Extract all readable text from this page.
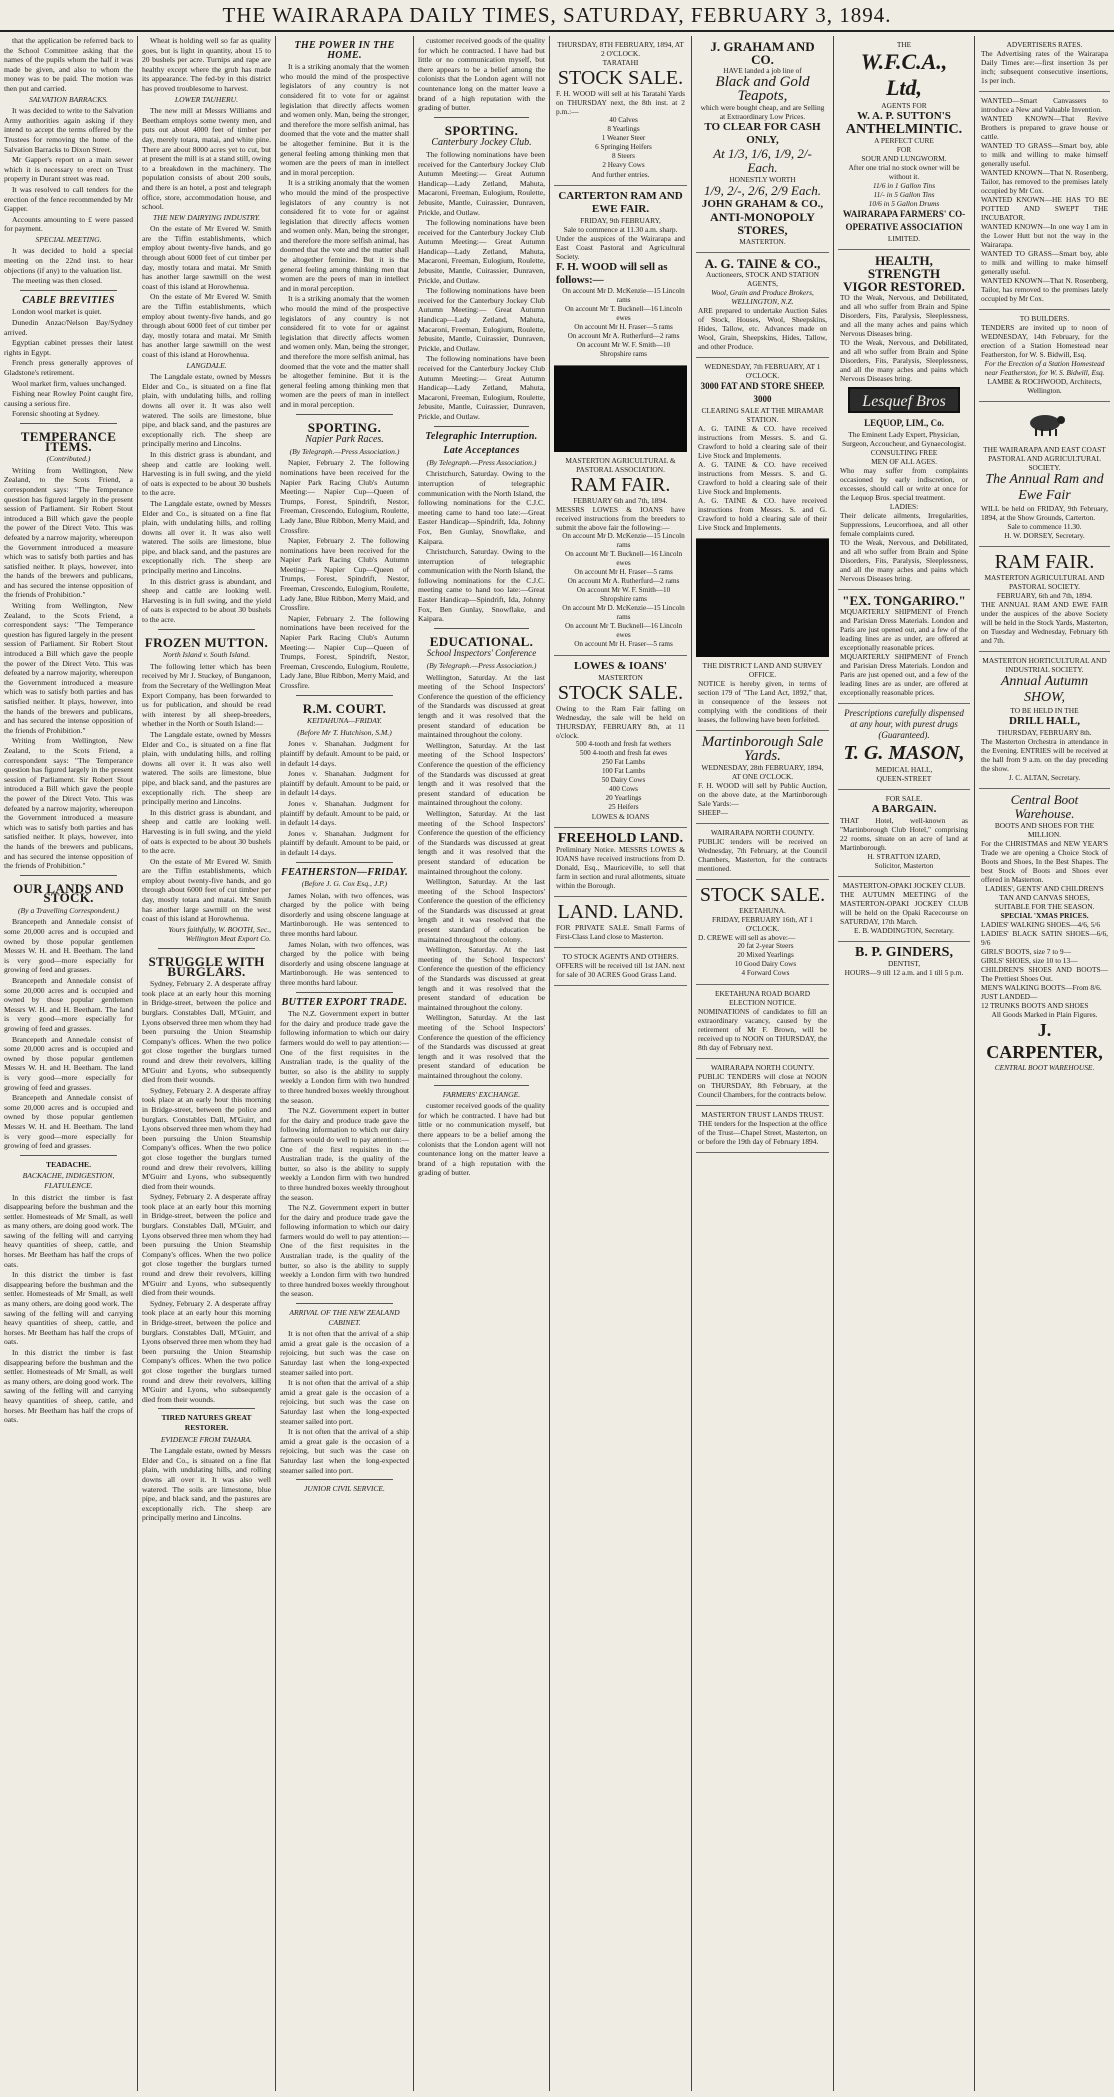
THE WAIRARAPA DAILY TIMES, SATURDAY, FEBRUARY 3, 1894.

that the application be referred back to the School Committee asking that the names of the pupils whom the half it was made be given, and also to whom the money was to be paid. The motion was then put and carried.

SALVATION BARRACKS.

It was decided to write to the Salvation Army authorities again asking if they intend to accept the terms offered by the Trustees for removing the home of the Salvation Barracks to Dixon Street.

Mr Gapper's report on a main sewer which it is necessary to erect on Trust property in Durant street was read.

It was resolved to call tenders for the erection of the fence recommended by Mr Gapper.

Accounts amounting to £ were passed for payment.

SPECIAL MEETING.

It was decided to hold a special meeting on the 22nd inst. to hear objections (if any) to the valuation list.

The meeting was then closed.

CABLE BREVITIES

London wool market is quiet.

Dunedin Anzac/Nelson Bay/Sydney arrived.

Egyptian cabinet presses their latest rights in Egypt.

French press generally approves of Gladstone's retirement.

Wool market firm, values unchanged.

Fishing near Rowley Point caught fire, causing a serious fire.

Forensic shooting at Sydney.

TEMPERANCE ITEMS.
(Contributed.)

Writing from Wellington, New Zealand, to the Scots Friend, a correspondent says: "The Temperance question has figured largely in the present session of Parliament. Sir Robert Stout introduced a Bill which gave the people the power of the Direct Veto. This was defeated by a narrow majority, whereupon the Government introduced a measure which was to satisfy both parties and has satisfied neither. It plays, however, into the hands of the brewers and publicans, and has secured the intense opposition of the friends of Prohibition."

Writing from Wellington, New Zealand, to the Scots Friend, a correspondent says: "The Temperance question has figured largely in the present session of Parliament. Sir Robert Stout introduced a Bill which gave the people the power of the Direct Veto. This was defeated by a narrow majority, whereupon the Government introduced a measure which was to satisfy both parties and has satisfied neither. It plays, however, into the hands of the brewers and publicans, and has secured the intense opposition of the friends of Prohibition."

Writing from Wellington, New Zealand, to the Scots Friend, a correspondent says: "The Temperance question has figured largely in the present session of Parliament. Sir Robert Stout introduced a Bill which gave the people the power of the Direct Veto. This was defeated by a narrow majority, whereupon the Government introduced a measure which was to satisfy both parties and has satisfied neither. It plays, however, into the hands of the brewers and publicans, and has secured the intense opposition of the friends of Prohibition."

OUR LANDS AND STOCK.
(By a Travelling Correspondent.)

Brancepeth and Annedale consist of some 20,000 acres and is occupied and owned by those popular gentlemen Messrs W. H. and H. Beetham. The land is very good—more especially for growing of feed and grasses.

Brancepeth and Annedale consist of some 20,000 acres and is occupied and owned by those popular gentlemen Messrs W. H. and H. Beetham. The land is very good—more especially for growing of feed and grasses.

Brancepeth and Annedale consist of some 20,000 acres and is occupied and owned by those popular gentlemen Messrs W. H. and H. Beetham. The land is very good—more especially for growing of feed and grasses.

Brancepeth and Annedale consist of some 20,000 acres and is occupied and owned by those popular gentlemen Messrs W. H. and H. Beetham. The land is very good—more especially for growing of feed and grasses.

TEADACHE.
BACKACHE, INDIGESTION, FLATULENCE.

In this district the timber is fast disappearing before the bushman and the settler. Homesteads of Mr Small, as well as many others, are doing good work. The sawing of the felling will and carrying heavy quantities of sheep, cattle, and horses. Mr Beetham has half the crops of oats.

In this district the timber is fast disappearing before the bushman and the settler. Homesteads of Mr Small, as well as many others, are doing good work. The sawing of the felling will and carrying heavy quantities of sheep, cattle, and horses. Mr Beetham has half the crops of oats.

In this district the timber is fast disappearing before the bushman and the settler. Homesteads of Mr Small, as well as many others, are doing good work. The sawing of the felling will and carrying heavy quantities of sheep, cattle, and horses. Mr Beetham has half the crops of oats.

Wheat is holding well so far as quality goes, but is light in quantity, about 15 to 20 bushels per acre. Turnips and rape are healthy except where the grub has made its appearance. The fed-by in this district has proved troublesome to harvest.

LOWER TAUHERU.

The new mill at Messrs Williams and Beetham employs some twenty men, and puts out about 4000 feet of timber per day, merely totara, matai, and white pine. There are about 8000 acres yet to cut, but at present the mill is at a stand still, owing to a breakdown in the machinery. The population consists of about 200 souls, and there is an hotel, a post and telegraph office, store, accommodation house, and school.

THE NEW DAIRYING INDUSTRY.

On the estate of Mr Evered W. Smith are the Tiffin establishments, which employ about twenty-five hands, and go through about 6000 feet of cut timber per day, mostly totara and matai. Mr Smith has another large sawmill on the west coast of this island at Horowhenua.

On the estate of Mr Evered W. Smith are the Tiffin establishments, which employ about twenty-five hands, and go through about 6000 feet of cut timber per day, mostly totara and matai. Mr Smith has another large sawmill on the west coast of this island at Horowhenua.

LANGDALE.

The Langdale estate, owned by Messrs Elder and Co., is situated on a fine flat plain, with undulating hills, and rolling downs all over it. It was also well watered. The soils are limestone, blue pipe, and black sand, and the pastures are exceptionally rich. The sheep are principally merino and Lincolns.

In this district grass is abundant, and sheep and cattle are looking well. Harvesting is in full swing, and the yield of oats is expected to be about 30 bushels to the acre.

The Langdale estate, owned by Messrs Elder and Co., is situated on a fine flat plain, with undulating hills, and rolling downs all over it. It was also well watered. The soils are limestone, blue pipe, and black sand, and the pastures are exceptionally rich. The sheep are principally merino and Lincolns.

In this district grass is abundant, and sheep and cattle are looking well. Harvesting is in full swing, and the yield of oats is expected to be about 30 bushels to the acre.

FROZEN MUTTON.
North Island v. South Island.

The following letter which has been received by Mr J. Stuckey, of Bunganoon, from the Secretary of the Wellington Meat Export Company, has been forwarded to us for publication, and should be read with interest by all sheep-breeders, whether in the North or South Island:—

The Langdale estate, owned by Messrs Elder and Co., is situated on a fine flat plain, with undulating hills, and rolling downs all over it. It was also well watered. The soils are limestone, blue pipe, and black sand, and the pastures are exceptionally rich. The sheep are principally merino and Lincolns.

In this district grass is abundant, and sheep and cattle are looking well. Harvesting is in full swing, and the yield of oats is expected to be about 30 bushels to the acre.

On the estate of Mr Evered W. Smith are the Tiffin establishments, which employ about twenty-five hands, and go through about 6000 feet of cut timber per day, mostly totara and matai. Mr Smith has another large sawmill on the west coast of this island at Horowhenua.

Yours faithfully, W. BOOTH, Sec., Wellington Meat Export Co.

STRUGGLE WITH BURGLARS.

Sydney, February 2. A desperate affray took place at an early hour this morning in Bridge-street, between the police and burglars. Constables Dall, M'Guirr, and Lyons observed three men whom they had been pursuing the Union Steamship Company's offices. When the two police got close together the burglars turned round and drew their revolvers, killing M'Guirr and Lyons, who subsequently died from their wounds.

Sydney, February 2. A desperate affray took place at an early hour this morning in Bridge-street, between the police and burglars. Constables Dall, M'Guirr, and Lyons observed three men whom they had been pursuing the Union Steamship Company's offices. When the two police got close together the burglars turned round and drew their revolvers, killing M'Guirr and Lyons, who subsequently died from their wounds.

Sydney, February 2. A desperate affray took place at an early hour this morning in Bridge-street, between the police and burglars. Constables Dall, M'Guirr, and Lyons observed three men whom they had been pursuing the Union Steamship Company's offices. When the two police got close together the burglars turned round and drew their revolvers, killing M'Guirr and Lyons, who subsequently died from their wounds.

Sydney, February 2. A desperate affray took place at an early hour this morning in Bridge-street, between the police and burglars. Constables Dall, M'Guirr, and Lyons observed three men whom they had been pursuing the Union Steamship Company's offices. When the two police got close together the burglars turned round and drew their revolvers, killing M'Guirr and Lyons, who subsequently died from their wounds.

TIRED NATURES GREAT RESTORER.
EVIDENCE FROM TAHARA.

The Langdale estate, owned by Messrs Elder and Co., is situated on a fine flat plain, with undulating hills, and rolling downs all over it. It was also well watered. The soils are limestone, blue pipe, and black sand, and the pastures are exceptionally rich. The sheep are principally merino and Lincolns.

THE POWER IN THE HOME.

It is a striking anomaly that the women who mould the mind of the prospective legislators of any country is not considered fit to vote for or against legislation that directly affects women and women only. Man, being the stronger, and therefore the more selfish animal, has doomed that the vote and the matter shall be altogether feminine. But it is the general feeling among thinking men that women are the peers of man in intellect and in moral perception.

It is a striking anomaly that the women who mould the mind of the prospective legislators of any country is not considered fit to vote for or against legislation that directly affects women and women only. Man, being the stronger, and therefore the more selfish animal, has doomed that the vote and the matter shall be altogether feminine. But it is the general feeling among thinking men that women are the peers of man in intellect and in moral perception.

It is a striking anomaly that the women who mould the mind of the prospective legislators of any country is not considered fit to vote for or against legislation that directly affects women and women only. Man, being the stronger, and therefore the more selfish animal, has doomed that the vote and the matter shall be altogether feminine. But it is the general feeling among thinking men that women are the peers of man in intellect and in moral perception.

SPORTING.
Napier Park Races.
(By Telegraph.—Press Association.)

Napier, February 2. The following nominations have been received for the Napier Park Racing Club's Autumn Meeting:— Napier Cup—Queen of Trumps, Forest, Spindrift, Nestor, Freeman, Crescendo, Eulogium, Roulette, Lady Jane, Blue Ribbon, Merry Maid, and Crossfire.

Napier, February 2. The following nominations have been received for the Napier Park Racing Club's Autumn Meeting:— Napier Cup—Queen of Trumps, Forest, Spindrift, Nestor, Freeman, Crescendo, Eulogium, Roulette, Lady Jane, Blue Ribbon, Merry Maid, and Crossfire.

Napier, February 2. The following nominations have been received for the Napier Park Racing Club's Autumn Meeting:— Napier Cup—Queen of Trumps, Forest, Spindrift, Nestor, Freeman, Crescendo, Eulogium, Roulette, Lady Jane, Blue Ribbon, Merry Maid, and Crossfire.

R.M. COURT.
KEITAHUNA—FRIDAY.
(Before Mr T. Hutchison, S.M.)

Jones v. Shanahan. Judgment for plaintiff by default. Amount to be paid, or in default 14 days.

Jones v. Shanahan. Judgment for plaintiff by default. Amount to be paid, or in default 14 days.

Jones v. Shanahan. Judgment for plaintiff by default. Amount to be paid, or in default 14 days.

Jones v. Shanahan. Judgment for plaintiff by default. Amount to be paid, or in default 14 days.

FEATHERSTON—FRIDAY.
(Before J. G. Cox Esq., J.P.)

James Nolan, with two offences, was charged by the police with being disorderly and using obscene language at Martinborough. He was sentenced to three months hard labour.

James Nolan, with two offences, was charged by the police with being disorderly and using obscene language at Martinborough. He was sentenced to three months hard labour.

BUTTER EXPORT TRADE.

The N.Z. Government expert in butter for the dairy and produce trade gave the following information to which our dairy farmers would do well to pay attention:— One of the first requisites in the Australian trade, is the quality of the butter, so also is the ability to supply weekly a London firm with two hundred to three hundred boxes weekly throughout the season.

The N.Z. Government expert in butter for the dairy and produce trade gave the following information to which our dairy farmers would do well to pay attention:— One of the first requisites in the Australian trade, is the quality of the butter, so also is the ability to supply weekly a London firm with two hundred to three hundred boxes weekly throughout the season.

The N.Z. Government expert in butter for the dairy and produce trade gave the following information to which our dairy farmers would do well to pay attention:— One of the first requisites in the Australian trade, is the quality of the butter, so also is the ability to supply weekly a London firm with two hundred to three hundred boxes weekly throughout the season.

ARRIVAL OF THE NEW ZEALAND CABINET.

It is not often that the arrival of a ship amid a great gale is the occasion of a rejoicing, but such was the case on Saturday last when the long-expected steamer sailed into port.

It is not often that the arrival of a ship amid a great gale is the occasion of a rejoicing, but such was the case on Saturday last when the long-expected steamer sailed into port.

It is not often that the arrival of a ship amid a great gale is the occasion of a rejoicing, but such was the case on Saturday last when the long-expected steamer sailed into port.

JUNIOR CIVIL SERVICE.

customer received goods of the quality for which he contracted. I have had but little or no communication myself, but there appears to be a belief among the colonists that the London agent will not countenance long on the matter leave a brand of a high reputation with the grading of butter.

SPORTING.
Canterbury Jockey Club.

The following nominations have been received for the Canterbury Jockey Club Autumn Meeting:— Great Autumn Handicap—Lady Zetland, Mahuta, Macaroni, Freeman, Eulogium, Roulette, Jebusite, Mantle, Cuirassier, Dunraven, Prickle, and Outlaw.

The following nominations have been received for the Canterbury Jockey Club Autumn Meeting:— Great Autumn Handicap—Lady Zetland, Mahuta, Macaroni, Freeman, Eulogium, Roulette, Jebusite, Mantle, Cuirassier, Dunraven, Prickle, and Outlaw.

The following nominations have been received for the Canterbury Jockey Club Autumn Meeting:— Great Autumn Handicap—Lady Zetland, Mahuta, Macaroni, Freeman, Eulogium, Roulette, Jebusite, Mantle, Cuirassier, Dunraven, Prickle, and Outlaw.

The following nominations have been received for the Canterbury Jockey Club Autumn Meeting:— Great Autumn Handicap—Lady Zetland, Mahuta, Macaroni, Freeman, Eulogium, Roulette, Jebusite, Mantle, Cuirassier, Dunraven, Prickle, and Outlaw.

Telegraphic Interruption.
Late Acceptances
(By Telegraph.—Press Association.)

Christchurch, Saturday. Owing to the interruption of telegraphic communication with the North Island, the following nominations for the C.J.C. meeting came to hand too late:—Great Easter Handicap—Spindrift, Ida, Johnny Fox, Ben Gunlay, Snowflake, and Kaipara.

Christchurch, Saturday. Owing to the interruption of telegraphic communication with the North Island, the following nominations for the C.J.C. meeting came to hand too late:—Great Easter Handicap—Spindrift, Ida, Johnny Fox, Ben Gunlay, Snowflake, and Kaipara.

EDUCATIONAL.
School Inspectors' Conference
(By Telegraph.—Press Association.)

Wellington, Saturday. At the last meeting of the School Inspectors' Conference the question of the efficiency of the Standards was discussed at great length and it was resolved that the present standard of education be maintained throughout the colony.

Wellington, Saturday. At the last meeting of the School Inspectors' Conference the question of the efficiency of the Standards was discussed at great length and it was resolved that the present standard of education be maintained throughout the colony.

Wellington, Saturday. At the last meeting of the School Inspectors' Conference the question of the efficiency of the Standards was discussed at great length and it was resolved that the present standard of education be maintained throughout the colony.

Wellington, Saturday. At the last meeting of the School Inspectors' Conference the question of the efficiency of the Standards was discussed at great length and it was resolved that the present standard of education be maintained throughout the colony.

Wellington, Saturday. At the last meeting of the School Inspectors' Conference the question of the efficiency of the Standards was discussed at great length and it was resolved that the present standard of education be maintained throughout the colony.

Wellington, Saturday. At the last meeting of the School Inspectors' Conference the question of the efficiency of the Standards was discussed at great length and it was resolved that the present standard of education be maintained throughout the colony.

FARMERS' EXCHANGE.

customer received goods of the quality for which he contracted. I have had but little or no communication myself, but there appears to be a belief among the colonists that the London agent will not countenance long on the matter leave a brand of a high reputation with the grading of butter.

THURSDAY, 8TH FEBRUARY, 1894, AT 2 O'CLOCK.
TARATAHI
STOCK SALE.
F. H. WOOD will sell at his Taratahi Yards on THURSDAY next, the 8th inst. at 2 p.m.:—
40 Calves
8 Yearlings
1 Weaner Steer
6 Springing Heifers
8 Steers
2 Heavy Cows
And further entries.
CARTERTON RAM AND EWE FAIR.
FRIDAY, 9th FEBRUARY,
Sale to commence at 11.30 a.m. sharp.
Under the auspices of the Wairarapa and East Coast Pastoral and Agricultural Society.
F. H. WOOD will sell as follows:—
On account Mr D. McKenzie—15 Lincoln rams
On account Mr T. Bucknell—16 Lincoln ewes
On account Mr H. Fraser—5 rams
On account Mr A. Rutherfurd—2 rams
On account Mr W. F. Smith—10 Shropshire rams
MASTERTON AGRICULTURAL & PASTORAL ASSOCIATION.
RAM FAIR.
FEBRUARY 6th and 7th, 1894.
MESSRS LOWES & IOANS have received instructions from the breeders to submit the above fair the following:—
On account Mr D. McKenzie—15 Lincoln rams
On account Mr T. Bucknell—16 Lincoln ewes
On account Mr H. Fraser—5 rams
On account Mr A. Rutherfurd—2 rams
On account Mr W. F. Smith—10 Shropshire rams
On account Mr D. McKenzie—15 Lincoln rams
On account Mr T. Bucknell—16 Lincoln ewes
On account Mr H. Fraser—5 rams
LOWES & IOANS'
MASTERTON
STOCK SALE.
Owing to the Ram Fair falling on Wednesday, the sale will be held on THURSDAY, FEBRUARY 8th, at 11 o'clock.
500 4-tooth and fresh fat wethers
500 4-tooth and fresh fat ewes
250 Fat Lambs
100 Fat Lambs
50 Dairy Cows
400 Cows
20 Yearlings
25 Heifers
LOWES & IOANS
FREEHOLD LAND.
Preliminary Notice. MESSRS LOWES & IOANS have received instructions from D. Donald, Esq., Mauriceville, to sell that farm in section and rural allotments, situate within the Borough.
LAND. LAND.
FOR PRIVATE SALE. Small Farms of First-Class Land close to Masterton.
TO STOCK AGENTS AND OTHERS.
OFFERS will be received till 1st JAN. next for sale of 30 ACRES Good Grass Land.
J. GRAHAM AND CO.
HAVE landed a job line of
Black and Gold Teapots,
which were bought cheap, and are Selling at Extraordinary Low Prices.
TO CLEAR FOR CASH ONLY,
At 1/3, 1/6, 1/9, 2/- Each.
HONESTLY WORTH
1/9, 2/-, 2/6, 2/9 Each.
JOHN GRAHAM & CO.,
ANTI-MONOPOLY STORES,
MASTERTON.
A. G. TAINE & CO.,
Auctioneers, STOCK AND STATION AGENTS,
Wool, Grain and Produce Brokers, WELLINGTON, N.Z.
ARE prepared to undertake Auction Sales of Stock, Houses, Wool, Sheepskins, Hides, Tallow, etc. Advances made on Wool, Grain, Sheepskins, Hides, Tallow, and other Produce.
WEDNESDAY, 7th FEBRUARY, AT 1 O'CLOCK.
3000 FAT AND STORE SHEEP. 3000
CLEARING SALE AT THE MIRAMAR STATION.
A. G. TAINE & CO. have received instructions from Messrs. S. and G. Crawford to hold a clearing sale of their Live Stock and Implements.
A. G. TAINE & CO. have received instructions from Messrs. S. and G. Crawford to hold a clearing sale of their Live Stock and Implements.
A. G. TAINE & CO. have received instructions from Messrs. S. and G. Crawford to hold a clearing sale of their Live Stock and Implements.
THE DISTRICT LAND AND SURVEY OFFICE.
NOTICE is hereby given, in terms of section 179 of "The Land Act, 1892," that, in consequence of the lessees not complying with the conditions of their leases, the following have been forfeited.
Martinborough Sale Yards.
WEDNESDAY, 28th FEBRUARY, 1894, AT ONE O'CLOCK.
F. H. WOOD will sell by Public Auction, on the above date, at the Martinborough Sale Yards:—
SHEEP—
WAIRARAPA NORTH COUNTY.
PUBLIC tenders will be received on Wednesday, 7th February, at the Council Chambers, Masterton, for the contracts mentioned.
STOCK SALE.
EKETAHUNA.
FRIDAY, FEBRUARY 16th, AT 1 O'CLOCK.
D. CREWE will sell as above:—
20 fat 2-year Steers
20 Mixed Yearlings
10 Good Dairy Cows
4 Forward Cows
EKETAHUNA ROAD BOARD ELECTION NOTICE.
NOMINATIONS of candidates to fill an extraordinary vacancy, caused by the retirement of Mr F. Brown, will be received up to NOON on THURSDAY, the 8th day of February next.
WAIRARAPA NORTH COUNTY.
PUBLIC TENDERS will close at NOON on THURSDAY, 8th February, at the Council Chambers, for the contracts below.
MASTERTON TRUST LANDS TRUST.
THE tenders for the Inspection at the office of the Trust—Chapel Street, Masterton, on or before the 19th day of February 1894.
THE
W.F.C.A., Ltd,
AGENTS FOR
W. A. P. SUTTON'S
ANTHELMINTIC.
A PERFECT CURE
FOR
SOUR AND LUNGWORM.
After one trial no stock owner will be without it.
11/6 in 1 Gallon Tins
11/- in 5 Gallon Tins
10/6 in 5 Gallon Drums
WAIRARAPA FARMERS' CO-OPERATIVE ASSOCIATION
LIMITED.
HEALTH, STRENGTH
VIGOR RESTORED.
TO the Weak, Nervous, and Debilitated, and all who suffer from Brain and Spine Disorders, Fits, Paralysis, Sleeplessness, and all the many aches and pains which Nervous Diseases bring.
TO the Weak, Nervous, and Debilitated, and all who suffer from Brain and Spine Disorders, Fits, Paralysis, Sleeplessness, and all the many aches and pains which Nervous Diseases bring.
Lesquef Bros
LEQUOP, LIM., Co.
The Eminent Lady Expert, Physician, Surgeon, Accoucheur, and Gynaecologist.
CONSULTING FREE
MEN OF ALL AGES.
Who may suffer from complaints occasioned by early indiscretion, or excesses, should call or write at once for the Lequop Bros. special treatment.
LADIES:
Their delicate ailments, Irregularities, Suppressions, Leucorrhoea, and all other female complaints cured.
TO the Weak, Nervous, and Debilitated, and all who suffer from Brain and Spine Disorders, Fits, Paralysis, Sleeplessness, and all the many aches and pains which Nervous Diseases bring.
"EX. TONGARIRO."
MQUARTERLY SHIPMENT of French and Parisian Dress Materials. London and Paris are just opened out, and a few of the leading lines are as under, are offered at exceptionally reasonable prices.
MQUARTERLY SHIPMENT of French and Parisian Dress Materials. London and Paris are just opened out, and a few of the leading lines are as under, are offered at exceptionally reasonable prices.
Prescriptions carefully dispensed at any hour, with purest drugs (Guaranteed).
T. G. MASON,
MEDICAL HALL,
QUEEN-STREET
FOR SALE.
A BARGAIN.
THAT Hotel, well-known as "Martinborough Club Hotel," comprising 22 rooms, situate on an acre of land at Martinborough.
H. STRATTON IZARD,
Solicitor, Masterton
MASTERTON-OPAKI JOCKEY CLUB.
THE AUTUMN MEETING of the MASTERTON-OPAKI JOCKEY CLUB will be held on the Opaki Racecourse on SATURDAY, 17th March.
E. B. WADDINGTON, Secretary.
B. P. GINDERS,
DENTIST,
HOURS—9 till 12 a.m. and 1 till 5 p.m.
ADVERTISERS RATES.
The Advertising rates of the Wairarapa Daily Times are:—first insertion 3s per inch; subsequent consecutive insertions, 1s per inch.
WANTED—Smart Canvassers to introduce a New and Valuable Invention.
WANTED KNOWN—That Revive Brothers is prepared to grave house or cattle.
WANTED TO GRASS—Smart boy, able to milk and willing to make himself generally useful.
WANTED KNOWN—That N. Rosenberg, Tailor, has removed to the premises lately occupied by Mr Cox.
WANTED KNOWN—HE HAS TO BE POTTED AND SWEPT THE INCUBATOR.
WANTED KNOWN—In one way I am in the Lower Hutt but not the way in the Wairarapa.
WANTED TO GRASS—Smart boy, able to milk and willing to make himself generally useful.
WANTED KNOWN—That N. Rosenberg, Tailor, has removed to the premises lately occupied by Mr Cox.
TO BUILDERS.
TENDERS are invited up to noon of WEDNESDAY, 14th February, for the erection of a Station Homestead near Featherston, for W. S. Bidwill, Esq.
For the Erection of a Station Homestead near Featherston, for W. S. Bidwill, Esq.
LAMBE & ROCHWOOD, Architects, Wellington.
THE WAIRARAPA AND EAST COAST PASTORAL AND AGRICULTURAL SOCIETY.
The Annual Ram and Ewe Fair
WILL be held on FRIDAY, 9th February, 1894, at the Show Grounds, Carterton.
Sale to commence 11.30.
H. W. DORSEY, Secretary.
RAM FAIR.
MASTERTON AGRICULTURAL AND PASTORAL SOCIETY.
FEBRUARY, 6th and 7th, 1894.
THE ANNUAL RAM AND EWE FAIR under the auspices of the above Society will be held in the Stock Yards, Masterton, on Tuesday and Wednesday, February 6th and 7th.
MASTERTON HORTICULTURAL AND INDUSTRIAL SOCIETY.
Annual Autumn SHOW,
TO BE HELD IN THE
DRILL HALL,
THURSDAY, FEBRUARY 8th.
The Masterton Orchestra in attendance in the Evening. ENTRIES will be received at the hall from 9 a.m. on the day preceding the show.
J. C. ALTAN, Secretary.
Central Boot Warehouse.
BOOTS AND SHOES FOR THE MILLION.
For the CHRISTMAS and NEW YEAR'S Trade we are opening a Choice Stock of Boots and Shoes, In the Best Shapes. The best Stock of Boots and Shoes ever offered in Masterton.
LADIES', GENTS' AND CHILDREN'S TAN AND CANVAS SHOES, SUITABLE FOR THE SEASON.
SPECIAL 'XMAS PRICES.
LADIES' WALKING SHOES—4/6, 5/6
LADIES' BLACK SATIN SHOES—6/6, 9/6
GIRLS' BOOTS, size 7 to 9—
GIRLS' SHOES, size 10 to 13—
CHILDREN'S SHOES AND BOOTS—The Prettiest Shoes Out.
MEN'S WALKING BOOTS—From 8/6.
JUST LANDED—
12 TRUNKS BOOTS AND SHOES
All Goods Marked in Plain Figures.
J. CARPENTER,
CENTRAL BOOT WAREHOUSE.
